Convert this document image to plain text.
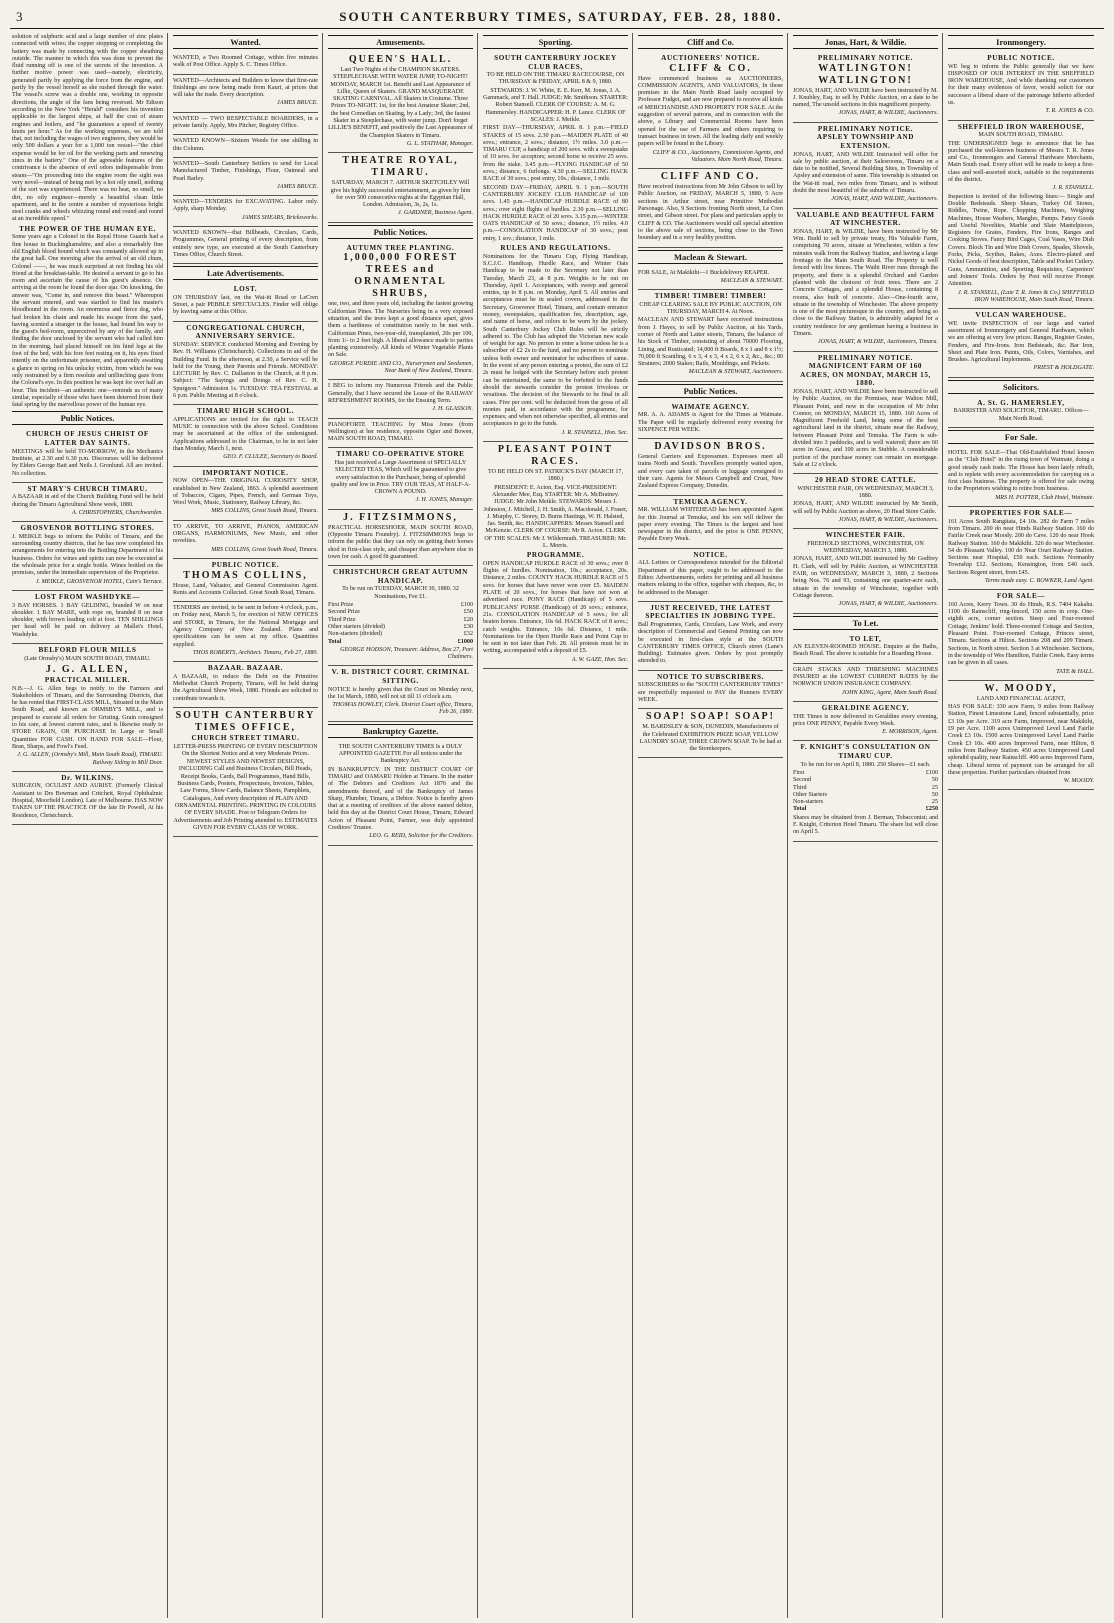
3	SOUTH CANTERBURY TIMES, SATURDAY, FEB. 28, 1880.

solution of sulphuric acid and a large number of zinc plates connected with wires; the copper stopping or completing the battery was made by connecting with the copper sheathing outside. The manner in which this was done to prevent the fluid running off is one of the secrets of the invention. A further motive power was used—namely, electricity, generated partly by applying the force from the engine, and partly by the vessel herself as she rushed through the water. The vessel's screw was a double one, working in opposite directions, the angle of the fans being reversed. Mr Edison according to the New York "Herald" considers his invention applicable to the largest ships, at half the cost of steam engines and boilers, and "he guarantees a speed of twenty knots per hour." As for the working expenses, we are told that, not including the wages of two engineers, they would be only 500 dollars a year for a 1,000 ton vessel—"the chief expense would be for oil for the working parts and renewing zincs in the battery." One of the agreeable features of the contrivance is the absence of evil odors indispensable from steam—"On proceeding into the engine room the sight was very novel—instead of being met by a hot oily smell, nothing of the sort was experienced. There was no heat, no smell, no dirt, no oily engineer—merely a beautiful clean little apartment, and in the centre a number of mysterious bright steel cranks and wheels whizzing round and round and round at an incredible speed."

THE POWER OF THE HUMAN EYE.

Some years ago a Colonel in the Royal Horse Guards had a fine house in Buckinghamshire, and also a remarkably fine old English blood hound which was constantly allowed up in the great hall. One morning after the arrival of an old chum, Colonel ——, he was much surprised at not finding his old friend at the breakfast-table. He desired a servant to go to his room and ascertain the cause of his guest's absence. On arriving at the room he found the door ajar. On knocking, the answer was, "Come in, and remove this beast." Whereupon the servant entered, and was startled to find his master's bloodhound in the room. An enormous and fierce dog, who had broken his chain and made his escape from the yard, having scented a stranger in the house, had found his way to the guest's bed-room, unperceived by any of the family, and finding the door unclosed by the servant who had called him in the morning, had placed himself on his hind legs at the foot of the bed, with his fore feet resting on it, his eyes fixed intently on the unfortunate prisoner, and apparently awaiting a glance to spring on his unlucky victim, from which he was only restrained by a firm resolute and unflinching gaze from the Colonel's eye. In this position he was kept for over half an hour. This incident—an authentic one—reminds us of many similar, especially of those who have been deterred from their fatal spring by the marvellous power of the human eye.

Public Notices.
CHURCH OF JESUS CHRIST OF LATTER DAY SAINTS.

MEETINGS will be held TO-MORROW, in the Mechanics Institute, at 2.30 and 6.30 p.m. Discourses will be delivered by Elders George Batt and Neils J. Gronlund. All are invited. No collection.

ST MARY'S CHURCH TIMARU.

A BAZAAR in aid of the Church Building Fund will be held during the Timaru Agricultural Show week, 1880.

A. CHRISTOPHERS, Churchwarden.

GROSVENOR BOTTLING STORES.

J. MEIKLE begs to inform the Public of Timaru, and the surrounding country districts, that he has now completed his arrangements for entering into the Bottling Department of his business. Orders for wines and spirits can now be executed at the wholesale price for a single bottle. Wines bottled on the premises, under the immediate supervision of the Proprietor.

J. MEIKLE, GROSVENOR HOTEL, Cain's Terrace.

LOST FROM WASHDYKE—

3 BAY HORSES. 1 BAY GELDING, branded W on near shoulder. 1 BAY MARE, with rope on, branded 8 on near shoulder, with brown leading colt at foot. TEN SHILLINGS per head will be paid on delivery at Mallet's Hotel, Washdyke.

BELFORD FLOUR MILLS
(Late Ormsby's) MAIN SOUTH ROAD, TIMARU.
J. G. ALLEN,
PRACTICAL MILLER.

N.B.—J. G. Allen begs to notify to the Farmers and Stakeholders of Timaru, and the Surrounding Districts, that he has rented that FIRST-CLASS MILL, Situated in the Main South Road, and known as ORMSBY'S MILL, and is prepared to execute all orders for Gristing. Grain consigned to his care, at lowest current rates, and is likewise ready to STORE GRAIN, OR PURCHASE In Large or Small Quantities FOR CASH. ON HAND FOR SALE—Flour, Bran, Sharps, and Fowl's Feed.

J. G. ALLEN, (Ormsby's Mill, Main South Road), TIMARU. Railway Siding to Mill Door.

Dr. WILKINS.

SURGEON, OCULIST AND AURIST. (Formerly Clinical Assistant to Drs Bowman and Critchett, Royal Ophthalmic Hospital, Moorfield London). Late of Melbourne. HAS NOW TAKEN UP THE PRACTICE OF the late Dr Powell, At his Residence, Christchurch.

Wanted.

WANTED, a Two Roomed Cottage, within five minutes walk of Post Office. Apply S. C. Times Office.

WANTED—Architects and Builders to know that first-rate finishings are now being made from Kauri, at prices that will take the trade. Every description.

JAMES BRUCE.

WANTED — TWO RESPECTABLE BOARDERS, in a private family. Apply, Mrs Pitcher, Registry Office.

WANTED KNOWN—Sixteen Weeds for one shilling in this Column.

WANTED—South Canterbury Settlers to send for Local Manufactured Timber, Finishings, Flour, Oatmeal and Pearl Barley.

JAMES BRUCE.

WANTED—TENDERS for EXCAVATING. Labor only. Apply, sharp Monday.

JAMES SHEARS, Bricksworks.

WANTED KNOWN—that Billheads, Circulars, Cards, Programmes, General printing of every description, from entirely new type, are executed at the South Canterbury Times Office, Church Street.

Late Advertisements.
LOST.

ON THURSDAY last, on the Wai-iti Road or LeCren Street, a pair PEBBLE SPECTACLES. Finder will oblige by leaving same at this Office.

CONGREGATIONAL CHURCH, ANNIVERSARY SERVICE.

SUNDAY: SERVICE conducted Morning and Evening by Rev. H. Williams (Christchurch). Collections in aid of the Building Fund. In the afternoon, at 2.30, a Service will be held for the Young, their Parents and Friends. MONDAY: LECTURE by Rev. C. Dallaston in the Church, at 8 p.m. Subject: "The Sayings and Doings of Rev. C. H. Spurgeon." Admission 1s. TUESDAY: TEA FESTIVAL at 6 p.m. Public Meeting at 8 o'clock.

TIMARU HIGH SCHOOL.

APPLICATIONS are invited for the right to TEACH MUSIC in connection with the above School. Conditions may be ascertained at the office of the undersigned. Applications addressed to the Chairman, to be in not later than Monday, March 1, next.

GEO. F. CLULEE, Secretary to Board.

IMPORTANT NOTICE.

NOW OPEN—THE ORIGINAL CURIOSITY SHOP, established in New Zealand, 1863. A splendid assortment of Tobaccos, Cigars, Pipes, French, and German Toys, Wool Work, Music, Stationery, Railway Library, &c.

MRS COLLINS, Great South Road, Timaru.

TO ARRIVE, TO ARRIVE, PIANOS, AMERICAN ORGANS, HARMONIUMS, New Music, and other novelties.

MRS COLLINS, Great South Road, Timaru.

PUBLIC NOTICE.
THOMAS COLLINS,

House, Land, Valuator, and General Commission Agent. Rents and Accounts Collected. Great South Road, Timaru.

TENDERS are invited, to be sent in before 4 o'clock, p.m., on Friday next, March 5, for erection of NEW OFFICES and STORE, in Timaru, for the National Mortgage and Agency Company of New Zealand. Plans and specifications can be seen at my office. Quantities supplied.

THOS ROBERTS, Architect. Timaru, Feb 27, 1880.

BAZAAR. BAZAAR.

A BAZAAR, to reduce the Debt on the Primitive Methodist Church Property, Timaru, will be held during the Agricultural Show Week, 1880. Friends are solicited to contribute towards it.

SOUTH CANTERBURY TIMES OFFICE,
CHURCH STREET TIMARU.

LETTER-PRESS PRINTING OF EVERY DESCRIPTION On the Shortest Notice and at very Moderate Prices.

NEWEST STYLES AND NEWEST DESIGNS, INCLUDING Call and Business Circulars, Bill Heads, Receipt Books, Cards, Ball Programmes, Hand Bills, Business Cards, Posters, Prospectuses, Invoices, Tables, Law Forms, Show Cards, Balance Sheets, Pamphlets, Catalogues, And every description of PLAIN AND ORNAMENTAL PRINTING. PRINTING IN COLOURS OF EVERY SHADE. Post or Telegram Orders for Advertisements and Job Printing attended to. ESTIMATES GIVEN FOR EVERY CLASS OF WORK.

Amusements.
QUEEN'S HALL.

Last Two Nights of the CHAMPION SKATERS. STEEPLECHASE WITH WATER JUMP, TO-NIGHT! MONDAY, MARCH 1st. Benefit and Last Appearance of Lillie, Queen of Skaters. GRAND MASQUERADE SKATING CARNIVAL. All Skaters in Costume. Three Prizes TO-NIGHT. 1st, for the best Amateur Skater; 2nd, the best Comedian on Skating, by a Lady; 3rd, the fastest Skater in a Steeplechase, with water jump. Don't forget LILLIE'S BENEFIT, and positively the Last Appearance of the Champion Skaters in Timaru.

G. L. STATHAM, Manager.

THEATRE ROYAL, TIMARU.

SATURDAY, MARCH 7. ARTHUR SKETCHLEY Will give his highly successful entertainment, as given by him for over 500 consecutive nights at the Egyptian Hall, London. Admission, 3s, 2s, 1s.

J. GARDNER, Business Agent.

Public Notices.
AUTUMN TREE PLANTING.
1,000,000 FOREST TREES and ORNAMENTAL SHRUBS,

one, two, and three years old, including the fastest growing Californian Pines. The Nurseries being in a very exposed situation, and the trees kept a good distance apart, gives them a hardiness of constitution rarely to be met with. Californian Pines, two-year-old, transplanted, 20s per 100, from 1/- to 2 feet high. A liberal allowance made to parties planting extensively. All kinds of Winter Vegetable Plants on Sale.

GEORGE PURDIE AND CO., Nurserymen and Seedsmen, Near Bank of New Zealand, Timaru.

I BEG to inform my Numerous Friends and the Public Generally, that I have secured the Lease of the RAILWAY REFRESHMENT ROOMS, for the Ensuing Term.

J. H. GLASSON.

PIANOFORTE TEACHING by Miss Jones (from Wellington) at her residence, opposite Ogier and Bowen, MAIN SOUTH ROAD, TIMARU.

TIMARU CO-OPERATIVE STORE

Has just received a Large Assortment of SPECIALLY SELECTED TEAS, Which will be guaranteed to give every satisfaction to the Purchaser, being of splendid quality and low in Price. TRY OUR TEAS, AT HALF-A-CROWN A POUND.

J. H. JONES, Manager.

J. FITZSIMMONS,

PRACTICAL HORSESHOER, MAIN SOUTH ROAD, (Opposite Timaru Foundry). J. FITZSIMMONS begs to inform the public that they can rely on getting their horses shod in first-class style, and cheaper than anywhere else in town for cash. A good fit guaranteed.

CHRISTCHURCH GREAT AUTUMN HANDICAP.

To be run on TUESDAY, MARCH 30, 1880. 32 Nominations, Fee £1.

First Prize	£100
Second Prize	£50
Third Prize	£20
Other starters (divided)	£30
Non-starters (divided)	£32
Total	£1000

GEORGE HODSON, Treasurer. Address, Box 27, Port Chalmers.

V. R. DISTRICT COURT. CRIMINAL SITTING.

NOTICE is hereby given that the Court on Monday next, the 1st March, 1880, will not sit till 11 o'clock a.m.

THOMAS HOWLEY, Clerk. District Court office, Timaru, Feb 26, 1880.

Bankruptcy Gazette.

THE SOUTH CANTERBURY TIMES Is a DULY APPOINTED GAZETTE For all notices under the Bankruptcy Act.

IN BANKRUPTCY. IN THE DISTRICT COURT OF TIMARU and OAMARU Holden at Timaru. In the matter of The Debtors and Creditors Act 1876 and the amendments thereof, and of the Bankruptcy of James Sharp, Plumber, Timaru, a Debtor. Notice is hereby given that at a meeting of creditors of the above named debtor, held this day at the District Court House, Timaru, Edward Acton of Pleasant Point, Farmer, was duly appointed Creditors' Trustee.

LEO. G. REID, Solicitor for the Creditors.

Sporting.
SOUTH CANTERBURY JOCKEY CLUB RACES,

TO BE HELD ON THE TIMARU RACECOURSE, ON THURSDAY & FRIDAY, APRIL 8 & 9, 1880.

STEWARDS: J. W. White, E. E. Kerr, M. Jonas, J. A. Gammack, and T. Hall. JUDGE: Mr. Smithson. STARTER: Robert Stansell. CLERK OF COURSE: A. M. G. Hammersley. HANDICAPPER: H. P. Lance. CLERK OF SCALES: J. Meikle.

FIRST DAY—THURSDAY, APRIL 8. 1 p.m.—FIELD STAKES of 15 sovs. 2.30 p.m.—MAIDEN PLATE of 40 sovs.; entrance, 2 sovs.; distance, 1½ miles. 3.0 p.m.—TIMARU CUP, a handicap of 200 sovs. with a sweepstake of 10 sovs. for acceptors; second horse to receive 25 sovs. from the stake. 3.45 p.m.—FLYING HANDICAP of 50 sovs.; distance, 6 furlongs. 4.30 p.m.—SELLING HACK RACE of 30 sovs.; post entry, 10s.; distance, 1 mile.

SECOND DAY—FRIDAY, APRIL 9. 1 p.m.—SOUTH CANTERBURY JOCKEY CLUB HANDICAP of 100 sovs. 1.45 p.m.—HANDICAP HURDLE RACE of 80 sovs.; over eight flights of hurdles. 2.30 p.m.—SELLING HACK HURDLE RACE of 20 sovs. 3.15 p.m.—WINTER OATS HANDICAP of 50 sovs.; distance, 1½ miles. 4.0 p.m.—CONSOLATION HANDICAP of 30 sovs.; post entry, 1 sov.; distance, 1 mile.

RULES AND REGULATIONS.

Nominations for the Timaru Cup, Flying Handicap, S.C.J.C. Handicap, Hurdle Race, and Winter Oats Handicap to be made to the Secretary not later than Tuesday, March 23, at 8 p.m. Weights to be out on Thursday, April 1. Acceptances, with sweep and general entries, up to 8 p.m. on Monday, April 5. All entries and acceptances must be in sealed covers, addressed to the Secretary, Grosvenor Hotel, Timaru, and contain entrance money, sweepstakes, qualification fee, description, age, and name of horse, and colors to be worn by the jockey. South Canterbury Jockey Club Rules will be strictly adhered to. The Club has adopted the Victorian new scale of weight for age. No person to enter a horse unless he is a subscriber of £2 2s to the fund, and no person to nominate unless both owner and nominator be subscribers of same. In the event of any person entering a protest, the sum of £2 2s must be lodged with the Secretary before such protest can be entertained, the same to be forfeited to the funds should the stewards consider the protest frivolous or vexatious. The decision of the Stewards to be final in all cases. Five per cent. will be deducted from the gross of all monies paid, in accordance with the programme, for expenses; and when not otherwise specified, all entries and acceptances to go to the funds.

J. R. STANSELL, Hon. Sec.

PLEASANT POINT RACES.

TO BE HELD ON ST. PATRICK'S DAY (MARCH 17, 1880.)

PRESIDENT: E. Acton, Esq. VICE-PRESIDENT: Alexander Mee, Esq. STARTER: Mr A. McBratney. JUDGE: Mr John Meikle. STEWARDS: Messrs J. Johnston, J. Mitchell, J. H. Smith, A. Macdonald, J. Fraser, J. Murphy, C. Storey, D. Burns Hastings, W. H. Halsted, Jas. Smith, &c. HANDICAPPERS: Messrs Stansell and McKenzie. CLERK OF COURSE: Mr R. Acton. CLERK OF THE SCALES: Mr J. Wildermuth. TREASURER: Mr. L. Morris.

PROGRAMME.

OPEN HANDICAP HURDLE RACE of 30 sovs.; over 8 flights of hurdles. Nomination, 10s.; acceptance, 20s. Distance, 2 miles. COUNTY HACK HURDLE RACE of 5 sovs. for horses that have never won over £5. MAIDEN PLATE of 20 sovs., for horses that have not won at advertised race. PONY RACE (Handicap) of 5 sovs. PUBLICANS' PURSE (Handicap) of 20 sovs.; entrance, 21s. CONSOLATION HANDICAP of 5 sovs.; for all beaten horses. Entrance, 10s 6d. HACK RACE of 8 sovs.; catch weights. Entrance, 10s 6d. Distance, 1 mile. Nominations for the Open Hurdle Race and Point Cup to be sent in not later than Feb. 28. All protests must be in writing, accompanied with a deposit of £5.

A. W. GAZE, Hon. Sec.

Cliff and Co.
AUCTIONEERS' NOTICE.
CLIFF & CO.

Have commenced business as AUCTIONEERS, COMMISSION AGENTS, AND VALUATORS, In those premises in the Main North Road lately occupied by Professor Fudget, and are now prepared to receive all kinds of MERCHANDISE AND PROPERTY FOR SALE. At the suggestion of several patrons, and in connection with the above, a Library and Commercial Rooms have been opened for the use of Farmers and others requiring to transact business in town. All the leading daily and weekly papers will be found in the Library.

CLIFF & CO., Auctioneers, Commission Agents, and Valuators. Main North Road, Timaru.

CLIFF AND CO.

Have received instructions from Mr John Gibson to sell by Public Auction, on FRIDAY, MARCH 5, 1880, 5 Acre sections in Arthur street, near Primitive Methodist Parsonage. Also, 9 Sections fronting North street, Le Cren street, and Gibson street. For plans and particulars apply to CLIFF & CO. The Auctioneers would call special attention to the above sale of sections, being close to the Town boundary and in a very healthy position.

Maclean & Stewart.

FOR SALE, At Makikihi—1 Buckdelivery REAPER.

MACLEAN & STEWART.

TIMBER! TIMBER! TIMBER!

CHEAP CLEARING SALE BY PUBLIC AUCTION, ON THURSDAY, MARCH 4. At Noon.

MACLEAN AND STEWART have received instructions from J. Hayes, to sell by Public Auction, at his Yards, corner of North and Latter streets, Timaru, the balance of his Stock of Timber, consisting of about 70000 Flooring, Lining, and Rusticated; 14,000 ft Boards, 8 x 1 and 8 x 1½; 70,000 ft Scantling, 6 x 3, 4 x 3, 4 x 2, 6 x 2, &c., &c.; 80 Strainers; 2000 Stakes; Rails, Mouldings, and Pickets.

MACLEAN & STEWART, Auctioneers.

Public Notices.
WAIMATE AGENCY.

MR. A. A. ADAMS is Agent for the Times at Waimate. The Paper will be regularly delivered every evening for SIXPENCE PER WEEK.

DAVIDSON BROS.

General Carriers and Expressmen. Expresses meet all trains North and South. Travellers promptly waited upon, and every care taken of parcels or luggage consigned to their care. Agents for Messrs Campbell and Crust, New Zealand Express Company, Dunedin.

TEMUKA AGENCY.

MR. WILLIAM WHITEHEAD has been appointed Agent for this Journal at Temuka, and his son will deliver the paper every evening. The Times is the largest and best newspaper in the district, and the price is ONE PENNY, Payable Every Week.

NOTICE.

ALL Letters or Correspondence intended for the Editorial Department of this paper, ought to be addressed to the Editor. Advertisements, orders for printing and all business matters relating to the office, together with cheques, &c, to be addressed to the Manager.

JUST RECEIVED, THE LATEST SPECIALTIES IN JOBBING TYPE.

Ball Programmes, Cards, Circulars, Law Work, and every description of Commercial and General Printing can now be executed in first-class style at the SOUTH CANTERBURY TIMES OFFICE, Church street (Lane's Building). Estimates given. Orders by post promptly attended to.

NOTICE TO SUBSCRIBERS.

SUBSCRIBERS to the "SOUTH CANTERBURY TIMES" are respectfully requested to PAY the Runners EVERY WEEK.

SOAP! SOAP! SOAP!

M. BARDSLEY & SON, DUNEDIN, Manufacturers of the Celebrated EXHIBITION PRIZE SOAP, YELLOW LAUNDRY SOAP, THREE CROWN SOAP. To be had at the Storekeepers.

Jonas, Hart, & Wildie.
PRELIMINARY NOTICE.
WATLINGTON! WATLINGTON!

JONAS, HART, AND WILDIE have been instructed by M. J. Knubley, Esq. to sell by Public Auction, on a date to be named, The unsold sections in this magnificent property.

JONAS, HART, & WILDIE, Auctioneers.

PRELIMINARY NOTICE.
APSLEY TOWNSHIP AND EXTENSION.

JONAS, HART, AND WILDIE Instructed will offer for sale by public auction, at their Salesrooms, Timaru on a date to be notified, Several Building Sites, in Township of Apsley and extension of same. This township is situated on the Wai-iti road, two miles from Timaru, and is without doubt the most beautiful of the suburbs of Timaru.

JONAS, HART, AND WILDIE, Auctioneers.

VALUABLE AND BEAUTIFUL FARM AT WINCHESTER.

JONAS, HART, & WILDIE, have been instructed by Mr Wm. Budd to sell by private treaty, His Valuable Farm, comprising 70 acres, situate at Winchester, within a few minutes walk from the Railway Station, and having a large frontage to the Main South Road. The Property is well fenced with live fences. The Waihi River runs through the property, and there is a splendid Orchard and Garden planted with the choicest of fruit trees. There are 2 Concrete Cottages, and a splendid House, containing 8 rooms, also built of concrete. Also—One-fourth acre, situate in the township of Winchester. The above property is one of the most picturesque in the country, and being so close to the Railway Station, is admirably adapted for a country residence for any gentleman having a business in Timaru.

JONAS, HART, & WILDIE, Auctioneers, Timaru.

PRELIMINARY NOTICE.
MAGNIFICENT FARM OF 160 ACRES, ON MONDAY, MARCH 15, 1880.

JONAS, HART, AND WILDIE have been instructed to sell by Public Auction, on the Premises, near Walton Mill, Pleasant Point, and now in the occupation of Mr John Connor, on MONDAY, MARCH 15, 1880. 160 Acres of Magnificent Freehold Land, being some of the best agricultural land in the district, situate near the Railway, between Pleasant Point and Temuka. The Farm is sub-divided into 3 paddocks, and is well watered; there are 60 acres in Grass, and 100 acres in Stubble. A considerable portion of the purchase money can remain on mortgage. Sale at 12 o'clock.

20 HEAD STORE CATTLE.

WINCHESTER FAIR, ON WEDNESDAY, MARCH 3, 1880.

JONAS, HART, AND WILDIE instructed by Mr Smith, will sell by Public Auction as above, 20 Head Store Cattle.

JONAS, HART, & WILDIE, Auctioneers.

WINCHESTER FAIR.

FREEHOLD SECTIONS, WINCHESTER, ON WEDNESDAY, MARCH 3, 1880.

JONAS, HART, AND WILDIE instructed by Mr Godfrey H. Clark, will sell by Public Auction, at WINCHESTER FAIR, on WEDNESDAY, MARCH 3, 1880, 2 Sections being Nos. 76 and 93, containing one quarter-acre each, situate in the township of Winchester, together with Cottage thereon.

JONAS, HART, & WILDIE, Auctioneers.

To Let.
TO LET,

AN ELEVEN-ROOMED HOUSE. Enquire at the Baths, Beach Road. The above is suitable for a Boarding House.

GRAIN STACKS AND THRESHING MACHINES INSURED at the LOWEST CURRENT RATES by the NORWICH UNION INSURANCE COMPANY.

JOHN KING, Agent, Main South Road.

GERALDINE AGENCY.

THE Times is now delivered in Geraldine every evening, price ONE PENNY, Payable Every Week.

E. MORRISON, Agent.

F. KNIGHT'S CONSULTATION ON TIMARU CUP.

To be run for on April 8, 1880. 250 Shares—£1 each.

First	£100
Second	50
Third	25
Other Starters	50
Non-starters	25
Total	£250

Shares may be obtained from J. Berman, Tobacconist; and F. Knight, Criterion Hotel Timaru. The share list will close on April 5.

Ironmongery.
PUBLIC NOTICE.

WE beg to inform the Public generally that we have DISPOSED OF OUR INTEREST IN THE SHEFFIELD IRON WAREHOUSE, And while thanking our customers for their many evidences of favor, would solicit for our successor a liberal share of the patronage hitherto afforded us.

T. R. JONES & CO.

SHEFFIELD IRON WAREHOUSE,
MAIN SOUTH ROAD, TIMARU.

THE UNDERSIGNED begs to announce that he has purchased the well-known business of Messrs T. R. Jones and Co., Ironmongers and General Hardware Merchants, Main South road. Every effort will be made to keep a first-class and well-assorted stock, suitable to the requirements of the district.

J. R. STANSELL.

Inspection is invited of the following lines:— Single and Double Bedsteads. Sheep Shears, Turkey Oil Stones, Riddles, Twine, Rope. Chopping Machines, Weighing Machines, House Washers, Mangles, Pumps. Fancy Goods and Useful Novelties, Marble and Slate Mantelpieces, Registers for Grates, Fenders, Fire Irons, Ranges and Cooking Stoves. Fancy Bird Cages, Coal Vases, Wire Dish Covers. Block Tin and Wire Dish Covers, Spades, Shovels, Forks, Picks, Scythes, Rakes, Axes. Electro-plated and Nickel Goods of best description, Table and Pocket Cutlery. Guns, Ammunition, and Sporting Requisites, Carpenters' and Joiners' Tools. Orders by Post will receive Prompt Attention.

J. R. STANSELL, (Late T. R. Jones & Co.) SHEFFIELD IRON WAREHOUSE, Main South Road, Timaru.

VULCAN WAREHOUSE.

WE invite INSPECTION of our large and varied assortment of Ironmongery and General Hardware, which we are offering at very low prices. Ranges, Register Grates, Fenders, and Fire-Irons. Iron Bedsteads, &c. Bar Iron, Sheet and Plate Iron. Paints, Oils, Colors, Varnishes, and Brushes. Agricultural Implements.

PRIEST & HOLDGATE.

Solicitors.
A. St. G. HAMERSLEY,

BARRISTER AND SOLICITOR, TIMARU. Offices—Main North Road.

For Sale.

HOTEL FOR SALE—That Old-Established Hotel known as the "Club Hotel" in the rising town of Waimate, doing a good steady cash trade. The House has been lately rebuilt, and is replete with every accommodation for carrying on a first class business. The property is offered for sale owing to the Proprietors wishing to retire from business.

MRS H. POTTER, Club Hotel, Waimate.

PROPERTIES FOR SALE—

161 Acres South Rangitata, £4 10s. 282 do Farm 7 miles from Timaru. 200 do near Hinds Railway Station. 160 do Fairlie Creek near Moody. 200 do Cave. 120 do near Hook Railway Station. 160 do Makikihi. 326 do near Winchester. 54 do Pleasant Valley. 100 do Near Orari Railway Station. Sections near Hospital, £50 each. Sections Normanby Township £12. Sections, Kensington, from £40 each. Sections Regent street, from £45.

Terms made easy. C. BOWKER, Land Agent.

FOR SALE—

160 Acres, Kerry Town. 30 do Hinds, R.S. 7404 Kakahu. 1100 do Rainscliff, ring-fenced, 150 acres in crop. One-eighth acre, corner section. Steep and Four-roomed Cottage, Jenkins' hold. Three-roomed Cottage and Section, Pleasant Point. Four-roomed Cottage, Princes street, Timaru. Sections at Hilton. Sections 208 and 209 Timaru. Sections, in North street. Section 3 at Winchester. Sections, in the township of Wes Hamilton, Fairlie Creek. Easy terms can be given in all cases.

TATE & HALL.

W. MOODY,
LAND AND FINANCIAL AGENT,

HAS FOR SALE: 330 acre Farm, 9 miles from Railway Station, Finest Limestone Land, fenced substantially, price £3 10s per Acre. 319 acre Farm, Improved, near Makikihi, £9 per Acre. 1100 acres Unimproved Level Land Fairlie Creek £3 10s. 1500 acres Unimproved Level Land Fairlie Creek £3 10s. 400 acres Improved Farm, near Hilton, 8 miles from Railway Station. 450 acres Unimproved Land splendid quality, near Rainscliff. 400 acres Improved Farm, cheap. Liberal terms of payment can be arranged for all these properties. Further particulars obtained from

W. MOODY.
